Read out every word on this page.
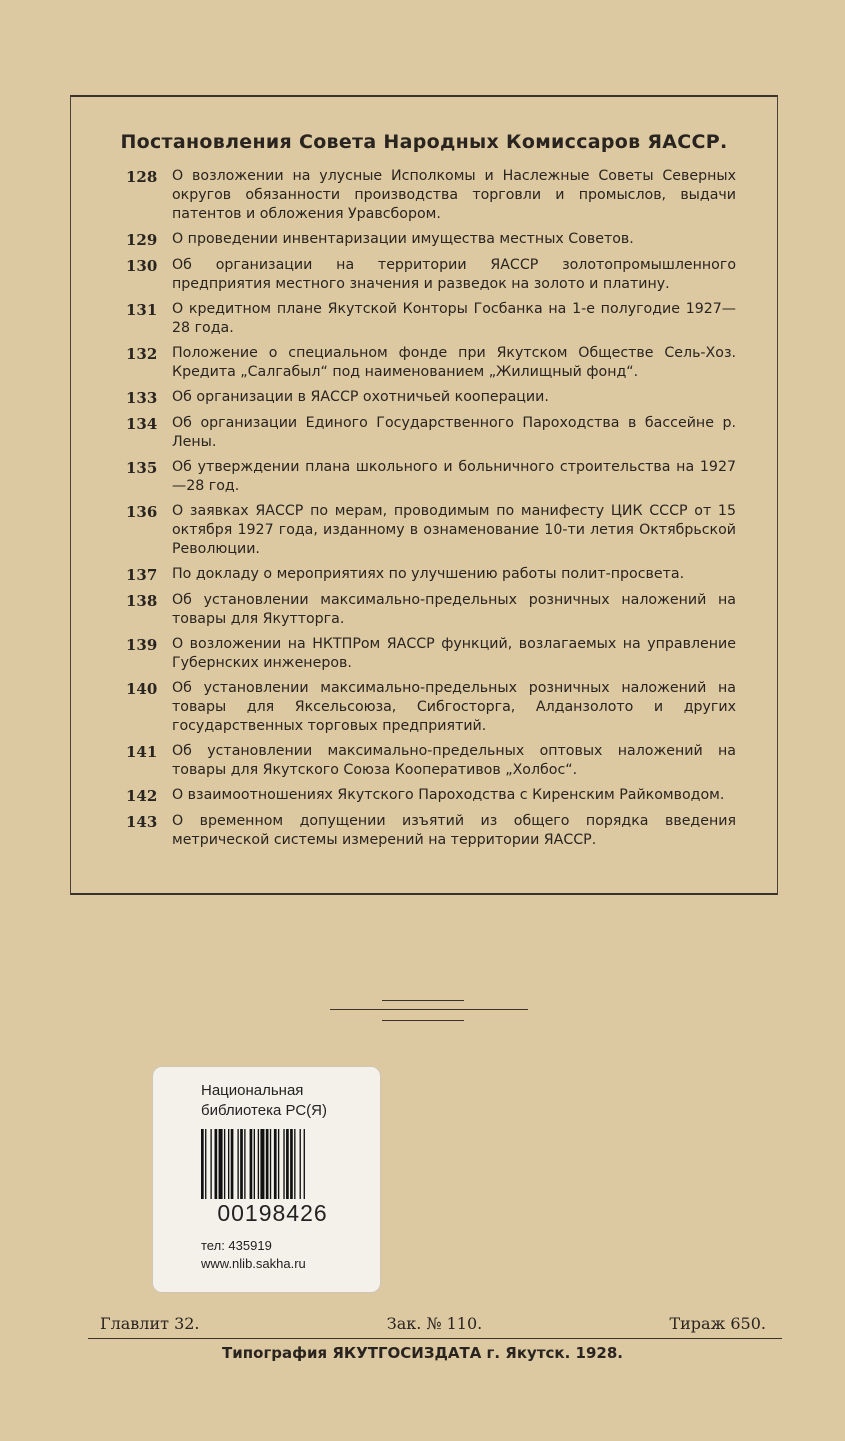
Постановления Совета Народных Комиссаров ЯАССР.
128	О возложении на улусные Исполкомы и Наслежные Советы Северных округов обязанности производства торговли и промыслов, выдачи патентов и обложения Уравсбором.
129	О проведении инвентаризации имущества местных Советов.
130	Об организации на территории ЯАССР золотопромышленного предприятия местного значения и разведок на золото и платину.
131	О кредитном плане Якутской Конторы Госбанка на 1-е полугодие 1927—28 года.
132	Положение о специальном фонде при Якутском Обществе Сель-Хоз. Кредита „Салгабыл“ под наименованием „Жилищный фонд“.
133	Об организации в ЯАССР охотничьей кооперации.
134	Об организации Единого Государственного Пароходства в бассейне р. Лены.
135	Об утверждении плана школьного и больничного строительства на 1927—28 год.
136	О заявках ЯАССР по мерам, проводимым по манифесту ЦИК СССР от 15 октября 1927 года, изданному в ознаменование 10-ти летия Октябрьской Революции.
137	По докладу о мероприятиях по улучшению работы полит-просвета.
138	Об установлении максимально-предельных розничных наложений на товары для Якутторга.
139	О возложении на НКТПРом ЯАССР функций, возлагаемых на управление Губернских инженеров.
140	Об установлении максимально-предельных розничных наложений на товары для Яксельсоюза, Сибгосторга, Алданзолото и других государственных торговых предприятий.
141	Об установлении максимально-предельных оптовых наложений на товары для Якутского Союза Кооперативов „Холбос“.
142	О взаимоотношениях Якутского Пароходства с Киренским Райкомводом.
143	О временном допущении изъятий из общего порядка введения метрической системы измерений на территории ЯАССР.
Национальная
библиотека РС(Я)
00198426
тел: 435919
www.nlib.sakha.ru
Главлит 32.	Зак. № 110.	Тираж 650.
Типография ЯКУТГОСИЗДАТА г. Якутск. 1928.
